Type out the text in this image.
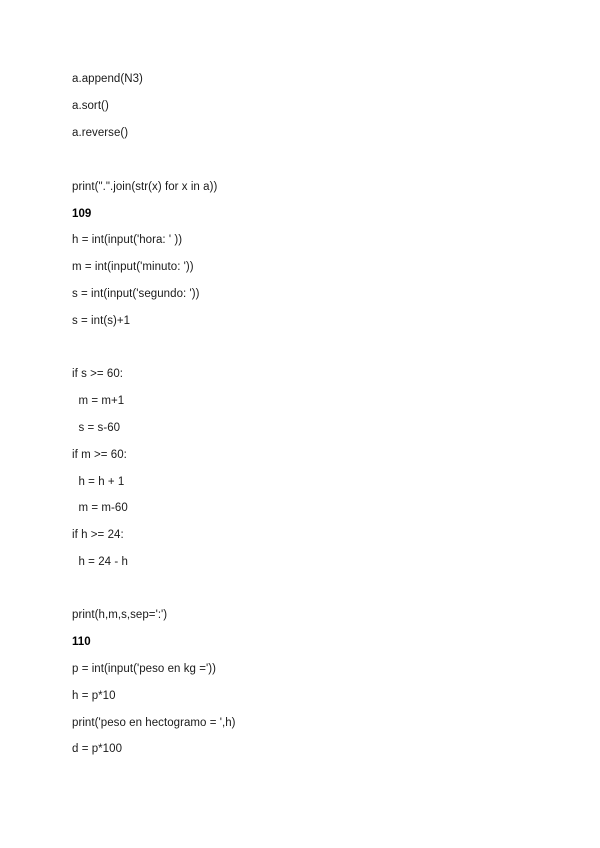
a.append(N3)
a.sort()
a.reverse()
print(".".join(str(x) for x in a))
109
h = int(input('hora: ' ))
m = int(input('minuto: '))
s = int(input('segundo: '))
s = int(s)+1
if s >= 60:
m = m+1
s = s-60
if m >= 60:
h = h + 1
m = m-60
if h >= 24:
h = 24 - h
print(h,m,s,sep=':')
110
p = int(input('peso en kg ='))
h = p*10
print('peso en hectogramo = ',h)
d = p*100
